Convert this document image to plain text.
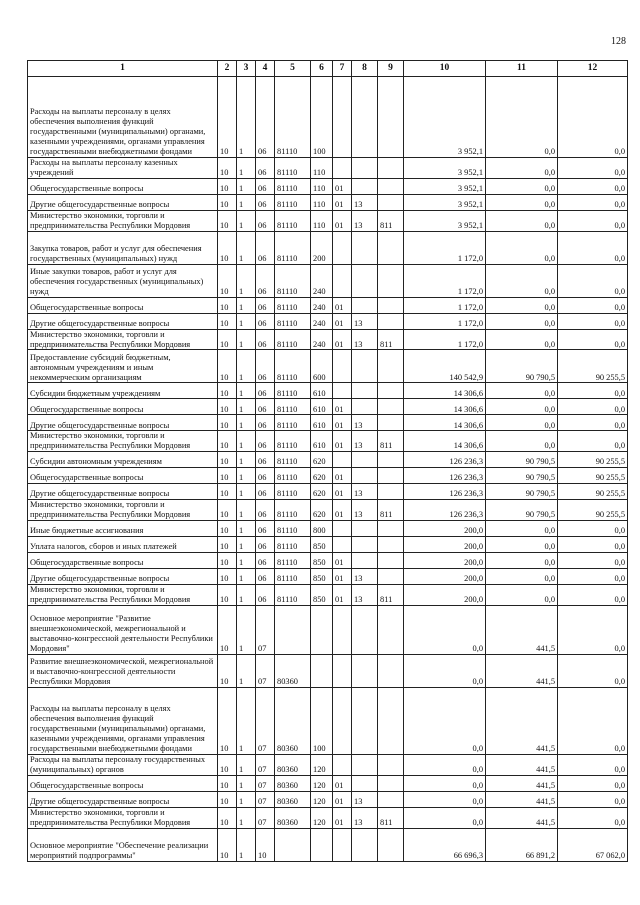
128
1	2	3	4	5	6	7	8	9	10	11	12
Расходы на выплаты персоналу в целях обеспечения выполнения функций государственными (муниципальными) органами, казенными учреждениями, органами управления государственными внебюджетными фондами	10	1	06	81110	100				3 952,1	0,0	0,0
Расходы на выплаты персоналу казенных учреждений	10	1	06	81110	110				3 952,1	0,0	0,0
Общегосударственные вопросы	10	1	06	81110	110	01			3 952,1	0,0	0,0
Другие общегосударственные вопросы	10	1	06	81110	110	01	13		3 952,1	0,0	0,0
Министерство экономики, торговли и предпринимательства Республики Мордовия	10	1	06	81110	110	01	13	811	3 952,1	0,0	0,0
Закупка товаров, работ и услуг для обеспечения государственных (муниципальных) нужд	10	1	06	81110	200				1 172,0	0,0	0,0
Иные закупки товаров, работ и услуг для обеспечения государственных (муниципальных) нужд	10	1	06	81110	240				1 172,0	0,0	0,0
Общегосударственные вопросы	10	1	06	81110	240	01			1 172,0	0,0	0,0
Другие общегосударственные вопросы	10	1	06	81110	240	01	13		1 172,0	0,0	0,0
Министерство экономики, торговли и предпринимательства Республики Мордовия	10	1	06	81110	240	01	13	811	1 172,0	0,0	0,0
Предоставление субсидий бюджетным, автономным учреждениям и иным некоммерческим организациям	10	1	06	81110	600				140 542,9	90 790,5	90 255,5
Субсидии бюджетным учреждениям	10	1	06	81110	610				14 306,6	0,0	0,0
Общегосударственные вопросы	10	1	06	81110	610	01			14 306,6	0,0	0,0
Другие общегосударственные вопросы	10	1	06	81110	610	01	13		14 306,6	0,0	0,0
Министерство экономики, торговли и предпринимательства Республики Мордовия	10	1	06	81110	610	01	13	811	14 306,6	0,0	0,0
Субсидии автономным учреждениям	10	1	06	81110	620				126 236,3	90 790,5	90 255,5
Общегосударственные вопросы	10	1	06	81110	620	01			126 236,3	90 790,5	90 255,5
Другие общегосударственные вопросы	10	1	06	81110	620	01	13		126 236,3	90 790,5	90 255,5
Министерство экономики, торговли и предпринимательства Республики Мордовия	10	1	06	81110	620	01	13	811	126 236,3	90 790,5	90 255,5
Иные бюджетные ассигнования	10	1	06	81110	800				200,0	0,0	0,0
Уплата налогов, сборов и иных платежей	10	1	06	81110	850				200,0	0,0	0,0
Общегосударственные вопросы	10	1	06	81110	850	01			200,0	0,0	0,0
Другие общегосударственные вопросы	10	1	06	81110	850	01	13		200,0	0,0	0,0
Министерство экономики, торговли и предпринимательства Республики Мордовия	10	1	06	81110	850	01	13	811	200,0	0,0	0,0
Основное мероприятие "Развитие внешнеэкономической, межрегиональной и выставочно-конгрессной деятельности Республики Мордовия"	10	1	07						0,0	441,5	0,0
Развитие внешнеэкономической, межрегиональной и выставочно-конгрессной деятельности Республики Мордовия	10	1	07	80360					0,0	441,5	0,0
Расходы на выплаты персоналу в целях обеспечения выполнения функций государственными (муниципальными) органами, казенными учреждениями, органами управления государственными внебюджетными фондами	10	1	07	80360	100				0,0	441,5	0,0
Расходы на выплаты персоналу государственных (муниципальных) органов	10	1	07	80360	120				0,0	441,5	0,0
Общегосударственные вопросы	10	1	07	80360	120	01			0,0	441,5	0,0
Другие общегосударственные вопросы	10	1	07	80360	120	01	13		0,0	441,5	0,0
Министерство экономики, торговли и предпринимательства Республики Мордовия	10	1	07	80360	120	01	13	811	0,0	441,5	0,0
Основное мероприятие "Обеспечение реализации мероприятий подпрограммы"	10	1	10						66 696,3	66 891,2	67 062,0
